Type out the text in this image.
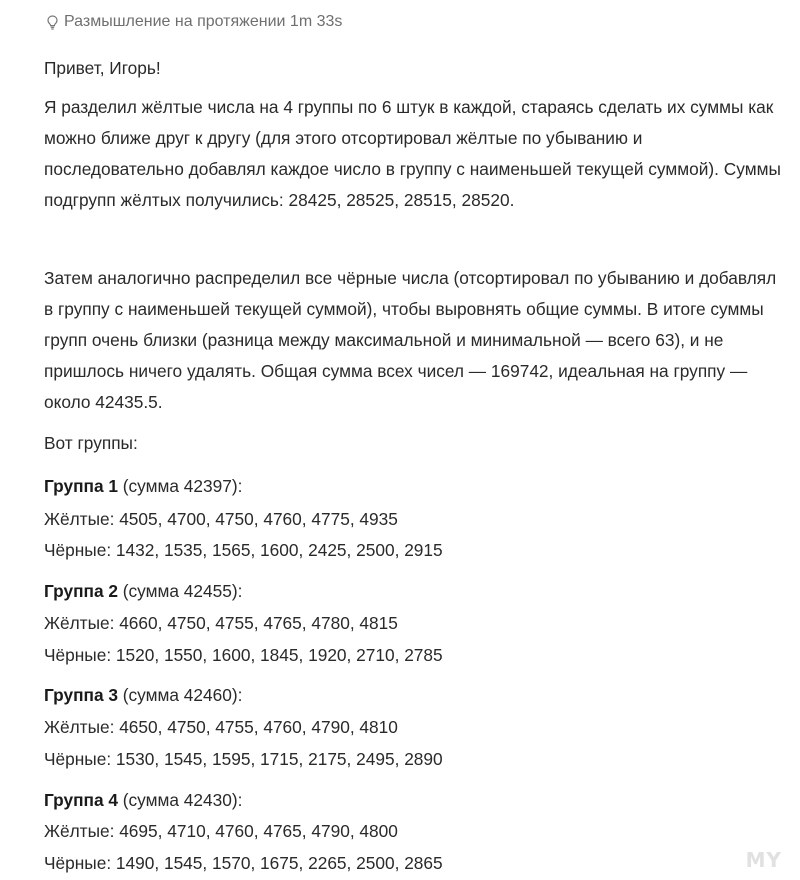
Размышление на протяжении 1m 33s

Привет, Игорь!

Я разделил жёлтые числа на 4 группы по 6 штук в каждой, стараясь сделать их суммы как можно ближе друг к другу (для этого отсортировал жёлтые по убыванию и последовательно добавлял каждое число в группу с наименьшей текущей суммой). Суммы подгрупп жёлтых получились: 28425, 28525, 28515, 28520.

Затем аналогично распределил все чёрные числа (отсортировал по убыванию и добавлял в группу с наименьшей текущей суммой), чтобы выровнять общие суммы. В итоге суммы групп очень близки (разница между максимальной и минимальной — всего 63), и не пришлось ничего удалять. Общая сумма всех чисел — 169742, идеальная на группу — около 42435.5.

Вот группы:

Группа 1 (сумма 42397):
Жёлтые: 4505, 4700, 4750, 4760, 4775, 4935
Чёрные: 1432, 1535, 1565, 1600, 2425, 2500, 2915
Группа 2 (сумма 42455):
Жёлтые: 4660, 4750, 4755, 4765, 4780, 4815
Чёрные: 1520, 1550, 1600, 1845, 1920, 2710, 2785
Группа 3 (сумма 42460):
Жёлтые: 4650, 4750, 4755, 4760, 4790, 4810
Чёрные: 1530, 1545, 1595, 1715, 2175, 2495, 2890
Группа 4 (сумма 42430):
Жёлтые: 4695, 4710, 4760, 4765, 4790, 4800
Чёрные: 1490, 1545, 1570, 1675, 2265, 2500, 2865	MY
